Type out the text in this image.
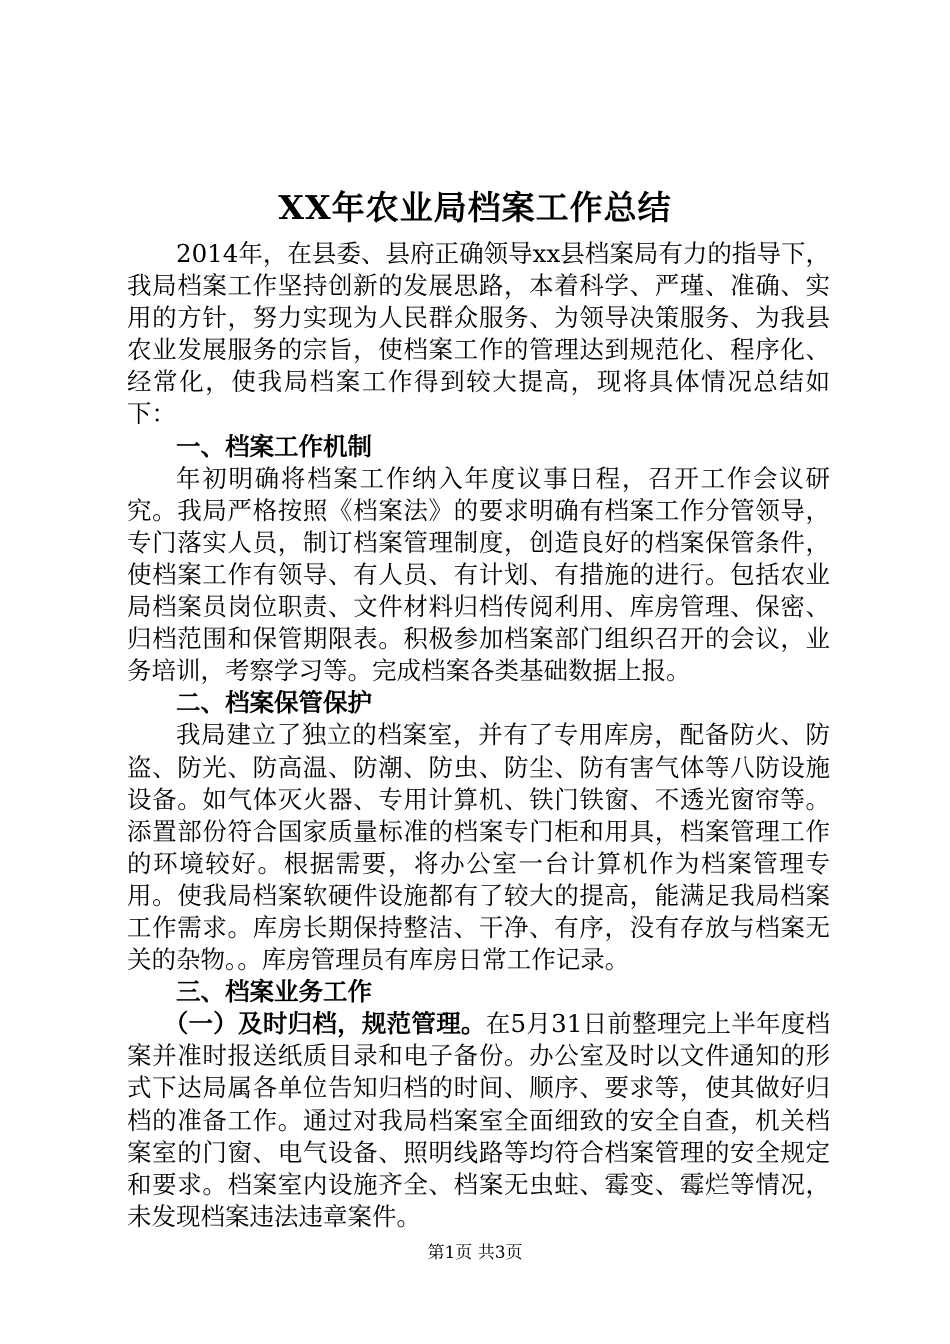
XX年农业局档案工作总结

2014年，在县委、县府正确领导xx县档案局有力的指导下，我局档案工作坚持创新的发展思路，本着科学、严瑾、准确、实用的方针，努力实现为人民群众服务、为领导决策服务、为我县农业发展服务的宗旨，使档案工作的管理达到规范化、程序化、经常化，使我局档案工作得到较大提高，现将具体情况总结如下：

一、档案工作机制

年初明确将档案工作纳入年度议事日程，召开工作会议研究。我局严格按照《档案法》的要求明确有档案工作分管领导，专门落实人员，制订档案管理制度，创造良好的档案保管条件，使档案工作有领导、有人员、有计划、有措施的进行。包括农业局档案员岗位职责、文件材料归档传阅利用、库房管理、保密、归档范围和保管期限表。积极参加档案部门组织召开的会议，业务培训，考察学习等。完成档案各类基础数据上报。

二、档案保管保护

我局建立了独立的档案室，并有了专用库房，配备防火、防盗、防光、防高温、防潮、防虫、防尘、防有害气体等八防设施设备。如气体灭火器、专用计算机、铁门铁窗、不透光窗帘等。添置部份符合国家质量标准的档案专门柜和用具，档案管理工作的环境较好。根据需要，将办公室一台计算机作为档案管理专用。使我局档案软硬件设施都有了较大的提高，能满足我局档案工作需求。库房长期保持整洁、干净、有序，没有存放与档案无关的杂物。。库房管理员有库房日常工作记录。

三、档案业务工作

（一）及时归档，规范管理。在5月31日前整理完上半年度档案并准时报送纸质目录和电子备份。办公室及时以文件通知的形式下达局属各单位告知归档的时间、顺序、要求等，使其做好归档的准备工作。通过对我局档案室全面细致的安全自查，机关档案室的门窗、电气设备、照明线路等均符合档案管理的安全规定和要求。档案室内设施齐全、档案无虫蛀、霉变、霉烂等情况，未发现档案违法违章案件。

第1页 共3页
